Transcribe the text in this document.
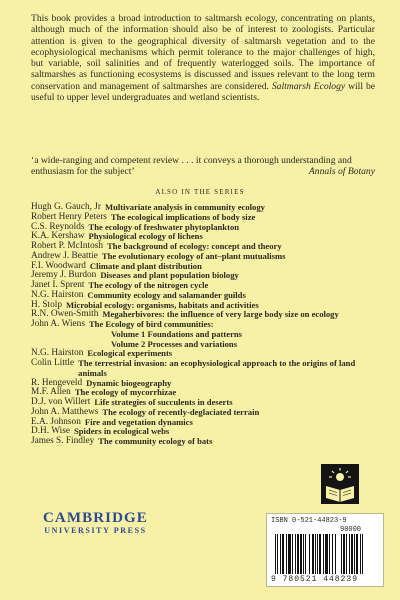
This book provides a broad introduction to saltmarsh ecology, concentrating on plants, although much of the information should also be of interest to zoologists. Particular attention is given to the geographical diversity of saltmarsh vegetation and to the ecophysiological mechanisms which permit tolerance to the major challenges of high, but variable, soil salinities and of frequently waterlogged soils. The importance of saltmarshes as functioning ecosystems is discussed and issues relevant to the long term conservation and management of saltmarshes are considered. Saltmarsh Ecology will be useful to upper level undergraduates and wetland scientists.

‘a wide-ranging and competent review . . . it conveys a thorough understanding and enthusiasm for the subject’	Annals of Botany

ALSO IN THE SERIES
Hugh G. Gauch, Jr Multivariate analysis in community ecology
Robert Henry Peters The ecological implications of body size
C.S. Reynolds The ecology of freshwater phytoplankton
K.A. Kershaw Physiological ecology of lichens
Robert P. McIntosh The background of ecology: concept and theory
Andrew J. Beattie The evolutionary ecology of ant–plant mutualisms
F.I. Woodward Climate and plant distribution
Jeremy J. Burdon Diseases and plant population biology
Janet I. Sprent The ecology of the nitrogen cycle
N.G. Hairston Community ecology and salamander guilds
H. Stolp Microbial ecology: organisms, habitats and activities
R.N. Owen-Smith Megaherbivores: the influence of very large body size on ecology
John A. Wiens The Ecology of bird communities:
Volume 1 Foundations and patterns
Volume 2 Processes and variations
N.G. Hairston Ecological experiments
Colin Little The terrestrial invasion: an ecophysiological approach to the origins of land animals
R. Hengeveld Dynamic biogeography
M.F. Allen The ecology of mycorrhizae
D.J. von Willert Life strategies of succulents in deserts
John A. Matthews The ecology of recently-deglaciated terrain
E.A. Johnson Fire and vegetation dynamics
D.H. Wise Spiders in ecological webs
James S. Findley The community ecology of bats
CAMBRIDGE
UNIVERSITY PRESS
ISBN 0-521-44823-9
90000
9 780521 448239
